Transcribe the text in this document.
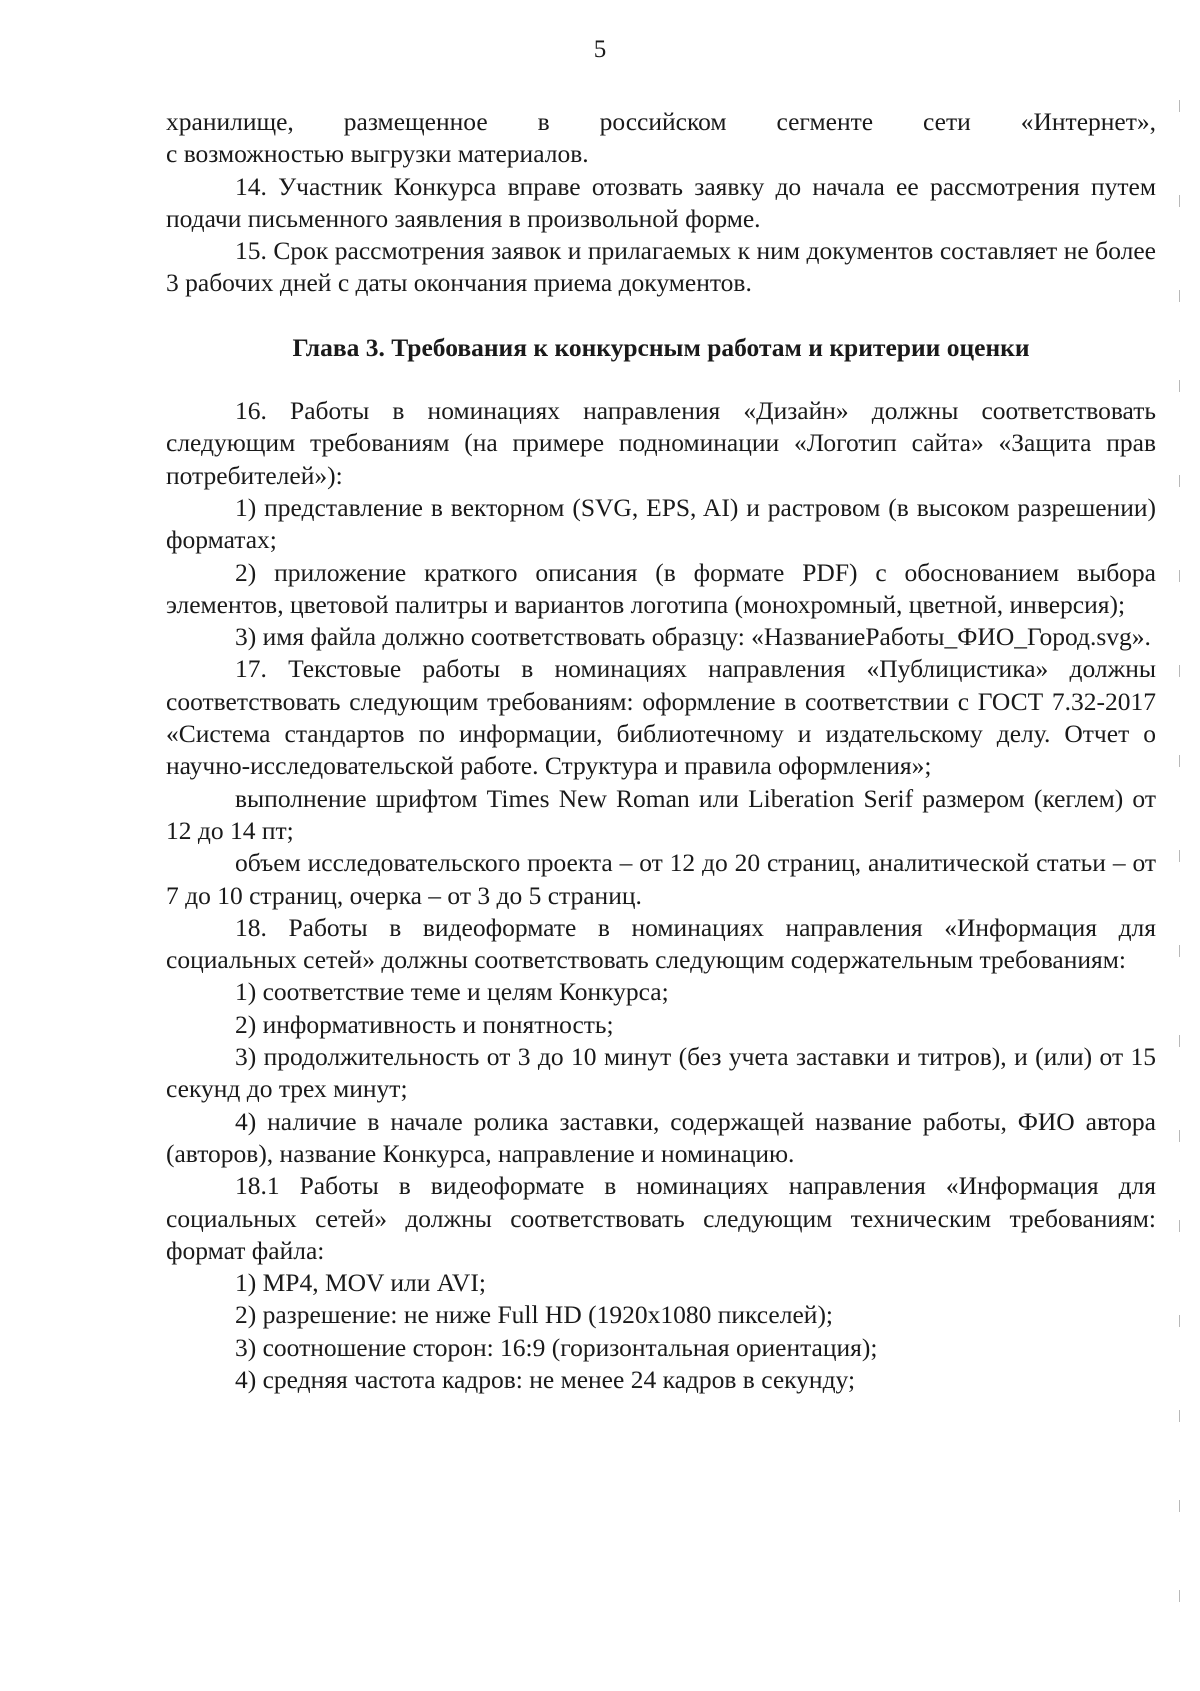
5

хранилище, размещенное в российском сегменте сети «Интернет»,

с возможностью выгрузки материалов.

14. Участник Конкурса вправе отозвать заявку до начала ее рассмотрения путем подачи письменного заявления в произвольной форме.

15. Срок рассмотрения заявок и прилагаемых к ним документов составляет не более 3 рабочих дней с даты окончания приема документов.

Глава 3. Требования к конкурсным работам и критерии оценки

16. Работы в номинациях направления «Дизайн» должны соответствовать следующим требованиям (на примере подноминации «Логотип сайта» «Защита прав потребителей»):

1) представление в векторном (SVG, EPS, AI) и растровом (в высоком разрешении) форматах;

2) приложение краткого описания (в формате PDF) с обоснованием выбора элементов, цветовой палитры и вариантов логотипа (монохромный, цветной, инверсия);

3) имя файла должно соответствовать образцу: «НазваниеРаботы_ФИО_Город.svg».

17. Текстовые работы в номинациях направления «Публицистика» должны соответствовать следующим требованиям: оформление в соответствии с ГОСТ 7.32-2017 «Система стандартов по информации, библиотечному и издательскому делу. Отчет о научно-исследовательской работе. Структура и правила оформления»;

выполнение шрифтом Times New Roman или Liberation Serif размером (кеглем) от 12 до 14 пт;

объем исследовательского проекта – от 12 до 20 страниц, аналитической статьи – от 7 до 10 страниц, очерка – от 3 до 5 страниц.

18. Работы в видеоформате в номинациях направления «Информация для социальных сетей» должны соответствовать следующим содержательным требованиям:

1) соответствие теме и целям Конкурса;

2) информативность и понятность;

3) продолжительность от 3 до 10 минут (без учета заставки и титров), и (или) от 15 секунд до трех минут;

4) наличие в начале ролика заставки, содержащей название работы, ФИО автора (авторов), название Конкурса, направление и номинацию.

18.1 Работы в видеоформате в номинациях направления «Информация для социальных сетей» должны соответствовать следующим техническим требованиям: формат файла:

1) MP4, MOV или AVI;

2) разрешение: не ниже Full HD (1920x1080 пикселей);

3) соотношение сторон: 16:9 (горизонтальная ориентация);

4) средняя частота кадров: не менее 24 кадров в секунду;
